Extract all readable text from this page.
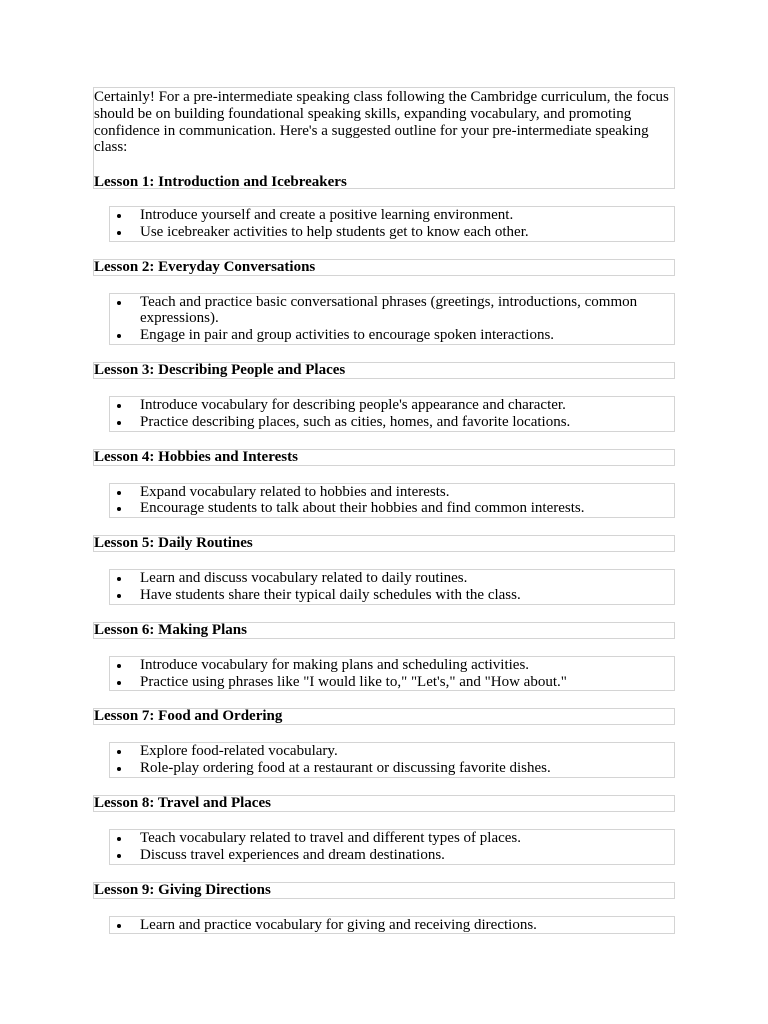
Certainly! For a pre-intermediate speaking class following the Cambridge curriculum, the focus should be on building foundational speaking skills, expanding vocabulary, and promoting confidence in communication. Here's a suggested outline for your pre-intermediate speaking class:

Lesson 1: Introduction and Icebreakers

Introduce yourself and create a positive learning environment.
Use icebreaker activities to help students get to know each other.
Lesson 2: Everyday Conversations
Teach and practice basic conversational phrases (greetings, introductions, common expressions).
Engage in pair and group activities to encourage spoken interactions.
Lesson 3: Describing People and Places
Introduce vocabulary for describing people's appearance and character.
Practice describing places, such as cities, homes, and favorite locations.
Lesson 4: Hobbies and Interests
Expand vocabulary related to hobbies and interests.
Encourage students to talk about their hobbies and find common interests.
Lesson 5: Daily Routines
Learn and discuss vocabulary related to daily routines.
Have students share their typical daily schedules with the class.
Lesson 6: Making Plans
Introduce vocabulary for making plans and scheduling activities.
Practice using phrases like "I would like to," "Let's," and "How about."
Lesson 7: Food and Ordering
Explore food-related vocabulary.
Role-play ordering food at a restaurant or discussing favorite dishes.
Lesson 8: Travel and Places
Teach vocabulary related to travel and different types of places.
Discuss travel experiences and dream destinations.
Lesson 9: Giving Directions
Learn and practice vocabulary for giving and receiving directions.
